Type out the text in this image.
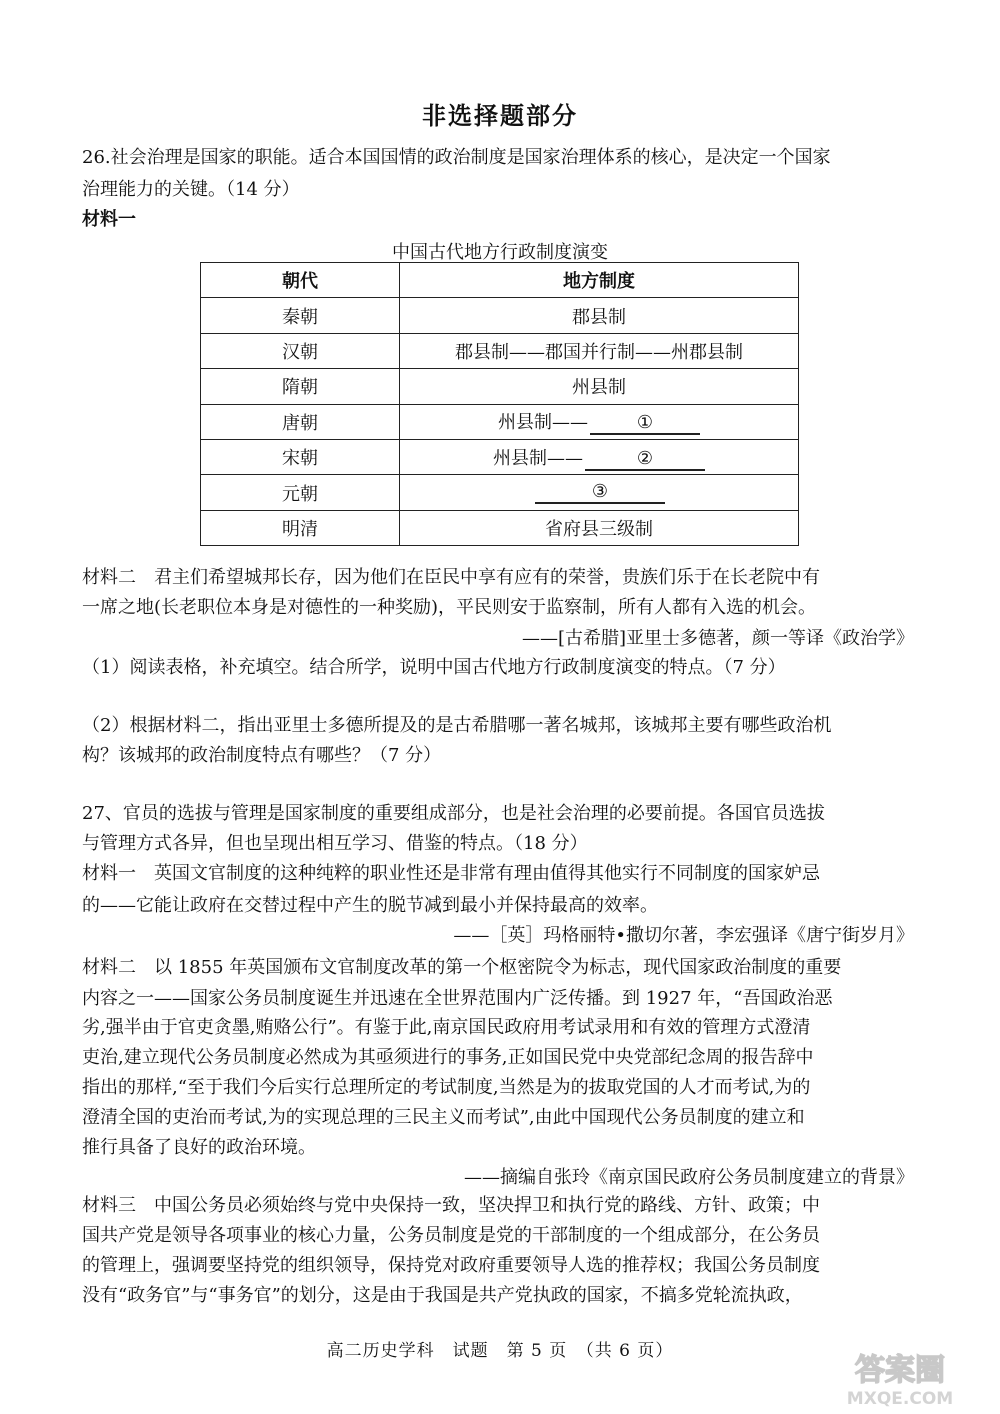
非选择题部分
26.社会治理是国家的职能。适合本国国情的政治制度是国家治理体系的核心，是决定一个国家
治理能力的关键。（14 分）
材料一
中国古代地方行政制度演变
朝代	地方制度
秦朝	郡县制
汉朝	郡县制——郡国并行制——州郡县制
隋朝	州县制
唐朝	州县制—— ①
宋朝	州县制—— ②
元朝	③
明清	省府县三级制
材料二　君主们希望城邦长存，因为他们在臣民中享有应有的荣誉，贵族们乐于在长老院中有
一席之地(长老职位本身是对德性的一种奖励)，平民则安于监察制，所有人都有入选的机会。
——[古希腊]亚里士多德著，颜一等译《政治学》
（1）阅读表格，补充填空。结合所学，说明中国古代地方行政制度演变的特点。（7 分）
（2）根据材料二，指出亚里士多德所提及的是古希腊哪一著名城邦，该城邦主要有哪些政治机
构？该城邦的政治制度特点有哪些？（7 分）
27、官员的选拔与管理是国家制度的重要组成部分，也是社会治理的必要前提。各国官员选拔
与管理方式各异，但也呈现出相互学习、借鉴的特点。（18 分）
材料一　英国文官制度的这种纯粹的职业性还是非常有理由值得其他实行不同制度的国家妒忌
的——它能让政府在交替过程中产生的脱节减到最小并保持最高的效率。
——［英］玛格丽特•撒切尔著，李宏强译《唐宁街岁月》
材料二　以 1855 年英国颁布文官制度改革的第一个枢密院令为标志，现代国家政治制度的重要
内容之一——国家公务员制度诞生并迅速在全世界范围内广泛传播。到 1927 年，“吾国政治恶
劣,强半由于官吏贪墨,贿赂公行”。有鉴于此,南京国民政府用考试录用和有效的管理方式澄清
吏治,建立现代公务员制度必然成为其亟须进行的事务,正如国民党中央党部纪念周的报告辞中
指出的那样,“至于我们今后实行总理所定的考试制度,当然是为的拔取党国的人才而考试,为的
澄清全国的吏治而考试,为的实现总理的三民主义而考试”,由此中国现代公务员制度的建立和
推行具备了良好的政治环境。
——摘编自张玲《南京国民政府公务员制度建立的背景》
材料三　中国公务员必须始终与党中央保持一致，坚决捍卫和执行党的路线、方针、政策；中
国共产党是领导各项事业的核心力量，公务员制度是党的干部制度的一个组成部分，在公务员
的管理上，强调要坚持党的组织领导，保持党对政府重要领导人选的推荐权；我国公务员制度
没有“政务官”与“事务官”的划分，这是由于我国是共产党执政的国家，不搞多党轮流执政，
高二历史学科　试题　第 5 页　（共 6 页）
答案圈
MXQE.COM
